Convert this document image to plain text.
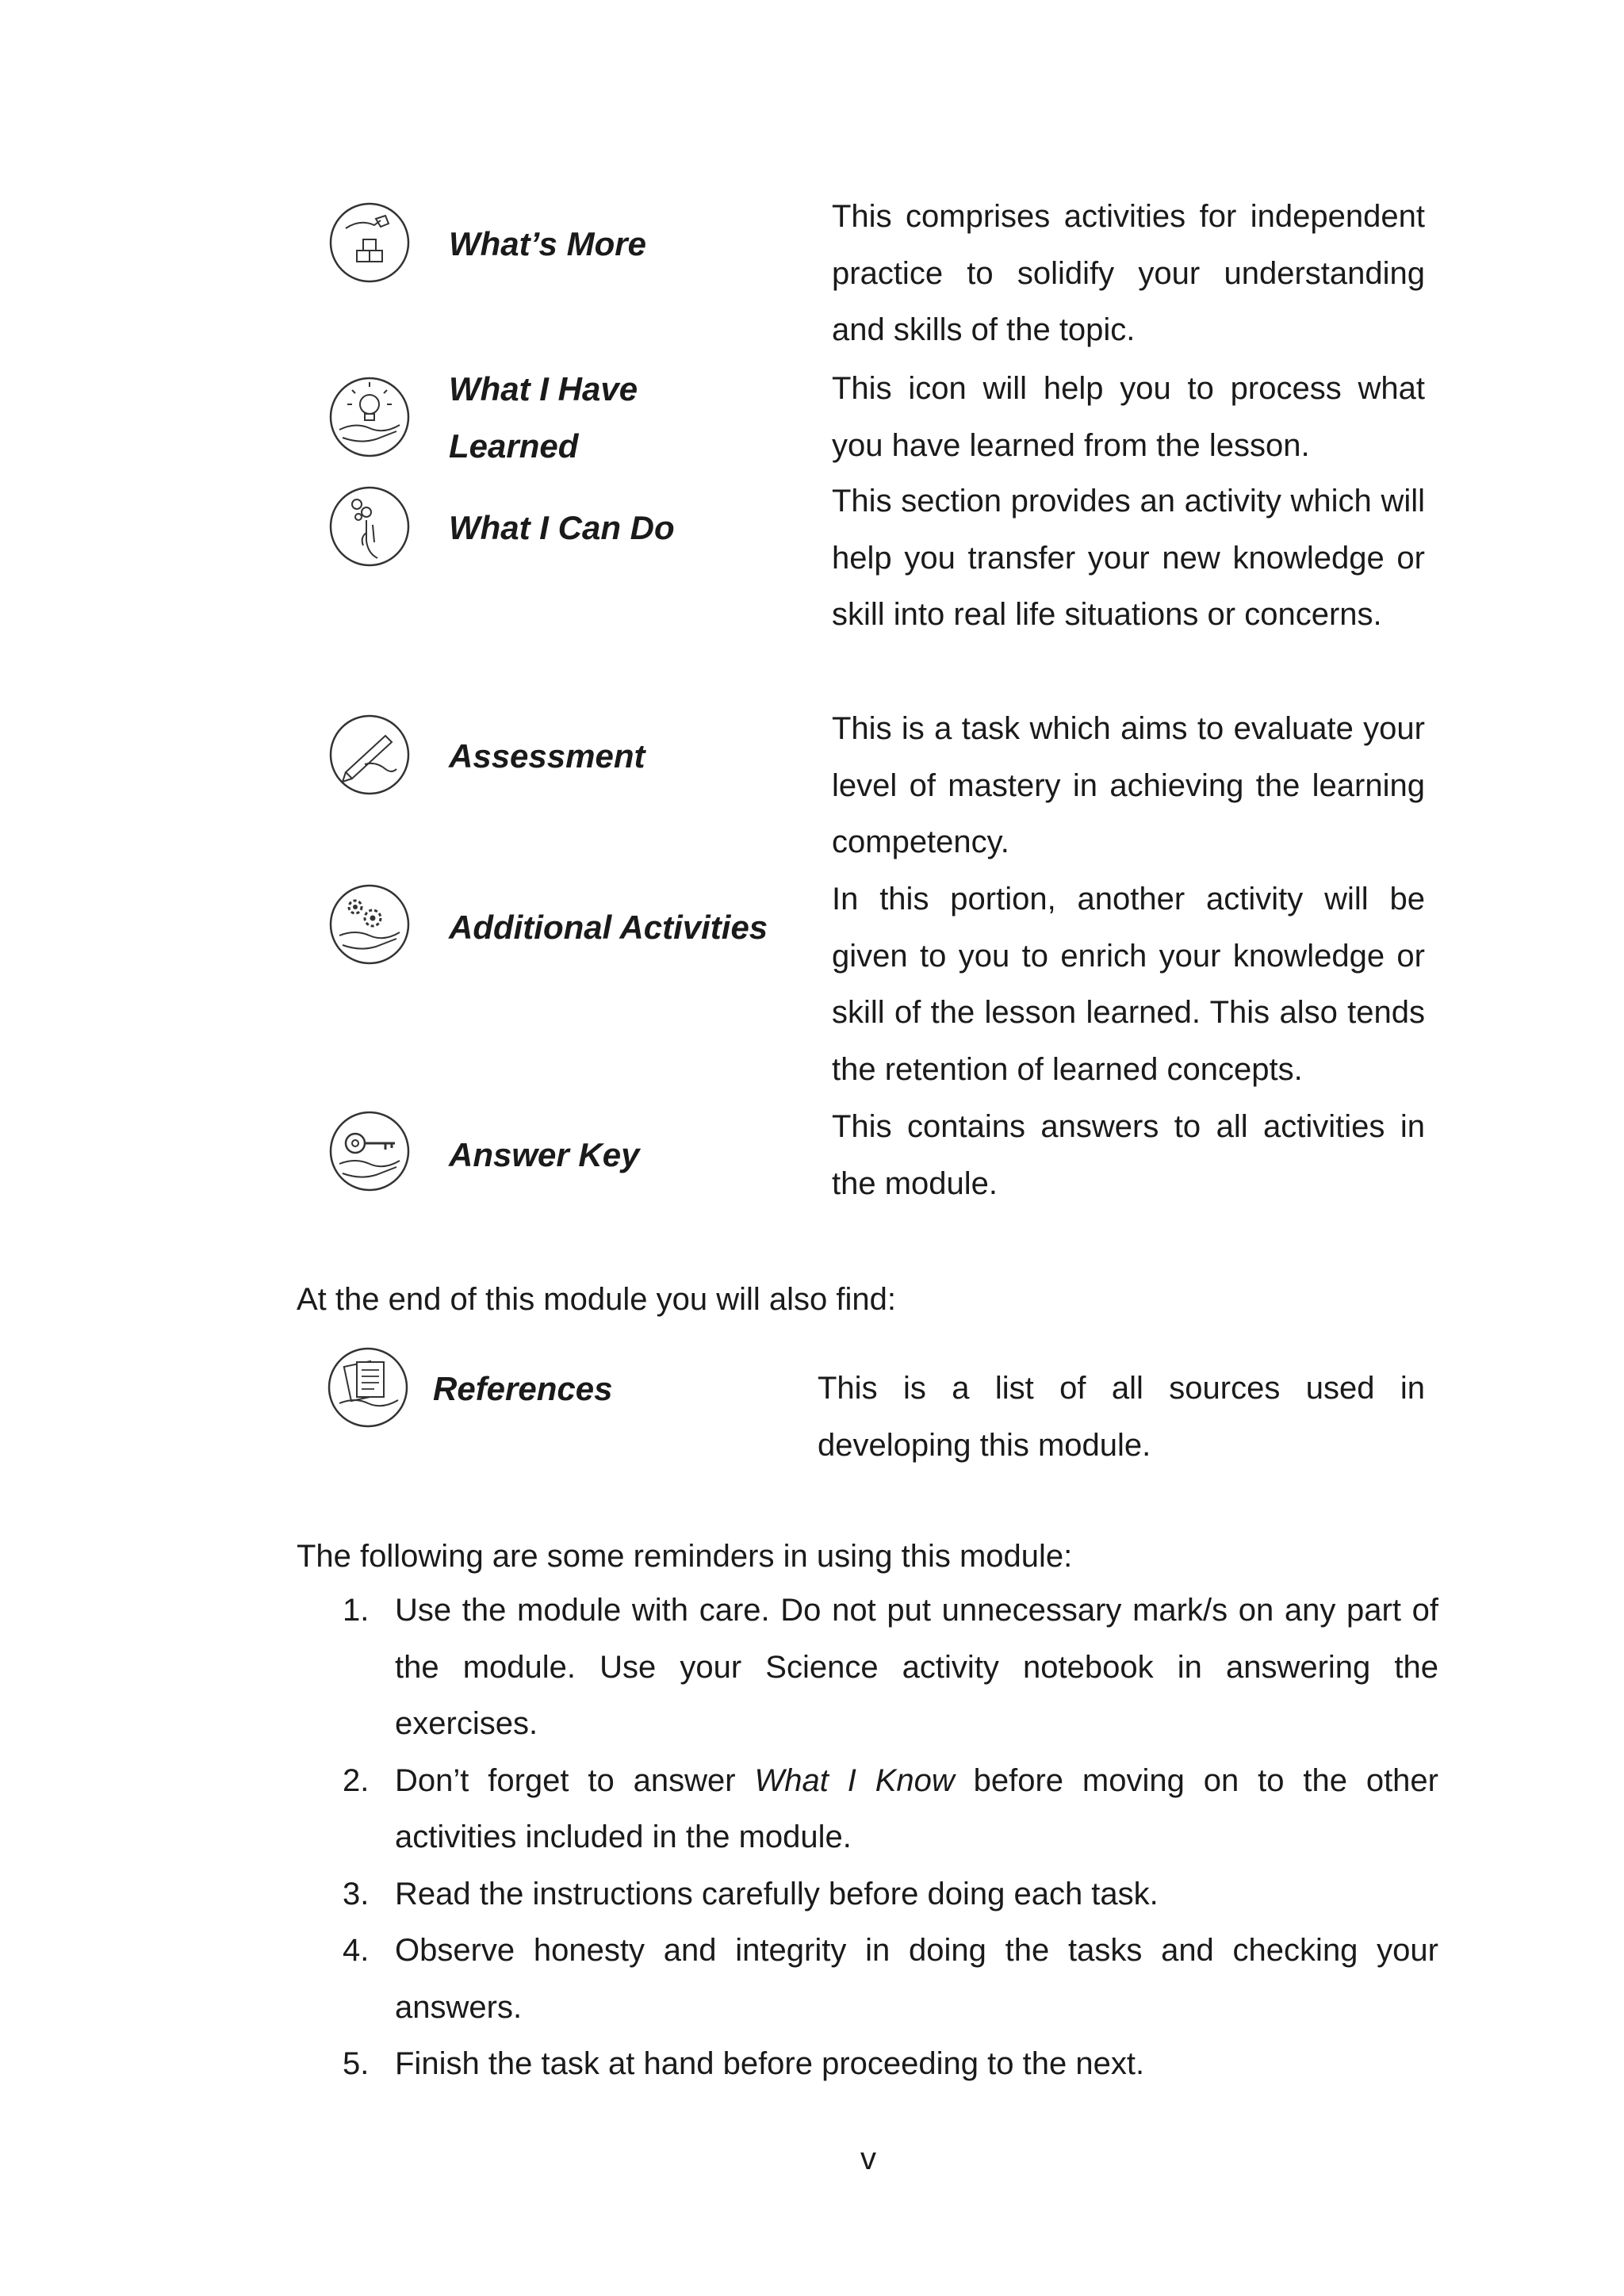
What’s More
This comprises activities for independent practice to solidify your understanding and skills of the topic.
What I Have Learned
This icon will help you to process what you have learned from the lesson.
What I Can Do
This section provides an activity which will help you transfer your new knowledge or skill into real life situations or concerns.
Assessment
This is a task which aims to evaluate your level of mastery in achieving the learning competency.
Additional Activities
In this portion, another activity will be given to you to enrich your knowledge or skill of the lesson learned. This also tends the retention of learned concepts.
Answer Key
This contains answers to all activities in the module.
At the end of this module you will also find:
References	This is a list of all sources used in developing this module.
The following are some reminders in using this module:
1. Use the module with care. Do not put unnecessary mark/s on any part of the module. Use your Science activity notebook in answering the exercises.
2. Don’t forget to answer What I Know before moving on to the other activities included in the module.
3. Read the instructions carefully before doing each task.
4. Observe honesty and integrity in doing the tasks and checking your answers.
5. Finish the task at hand before proceeding to the next.
v
